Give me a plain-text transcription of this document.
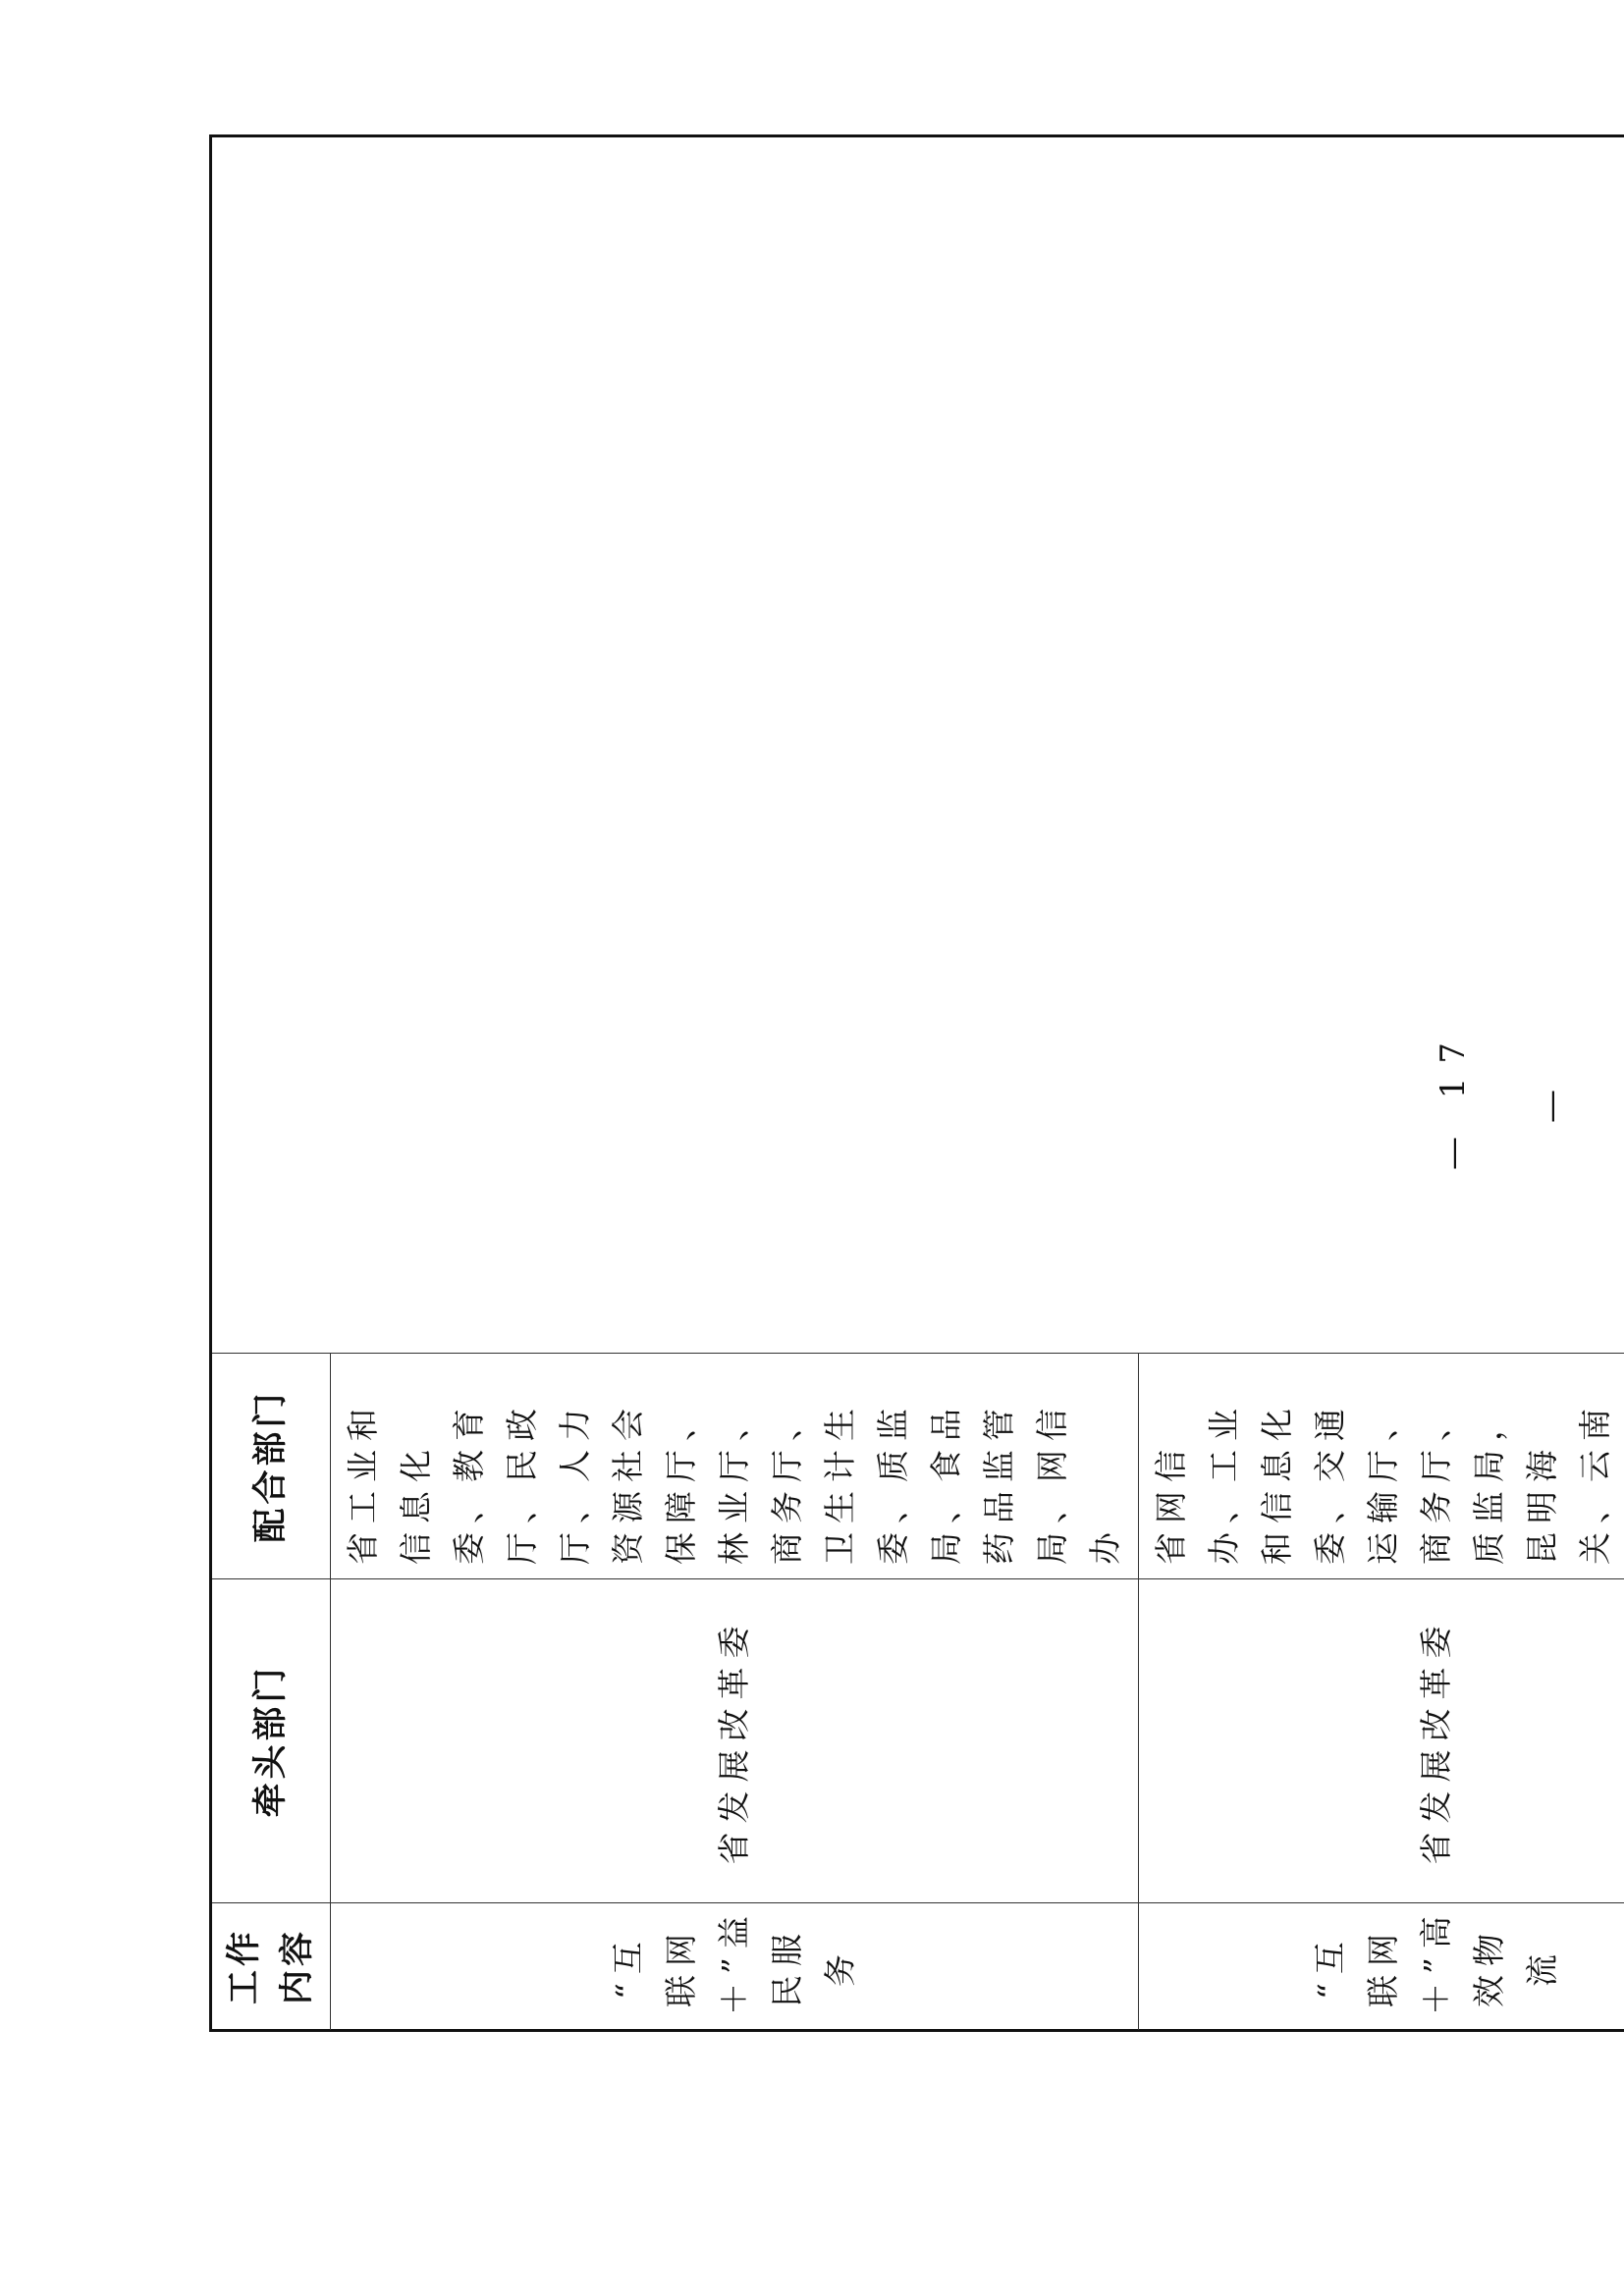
工作内容	牵头部门	配合部门
“互联网＋”益民服务	省发展改革委	省工业和信息化委、教育厅、民政厅、人力资源社会保障厅、林业厅、商务厅、卫生计生委、质监局、食品药品监管局、网信办
“互联网＋”高效物流	省发展改革委	省网信办、工业和信息化委、交通运输厅、商务厅、质监局，昆明海关、云南

— 17 —
